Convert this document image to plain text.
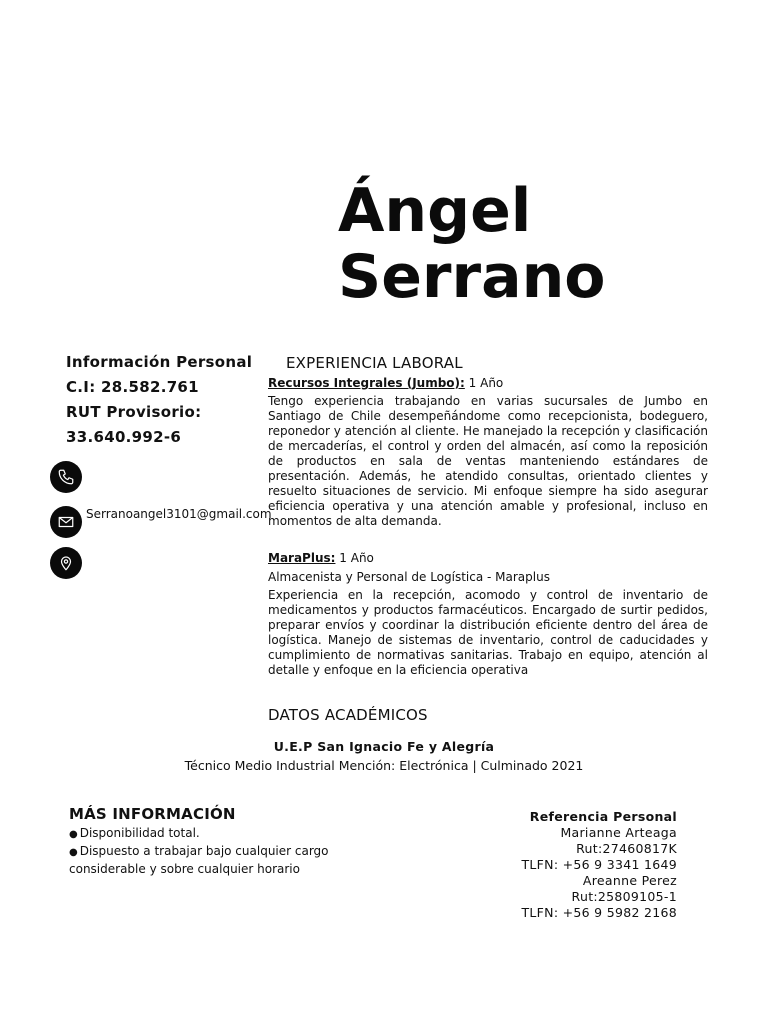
Ángel
Serrano
Información Personal
C.I: 28.582.761
RUT Provisorio:
33.640.992-6
Serranoangel3101@gmail.com
EXPERIENCIA LABORAL
Recursos Integrales (Jumbo): 1 Año
Tengo experiencia trabajando en varias sucursales de Jumbo en Santiago de Chile desempeñándome como recepcionista, bodeguero, reponedor y atención al cliente. He manejado la recepción y clasificación de mercaderías, el control y orden del almacén, así como la reposición de productos en sala de ventas manteniendo estándares de presentación. Además, he atendido consultas, orientado clientes y resuelto situaciones de servicio. Mi enfoque siempre ha sido asegurar eficiencia operativa y una atención amable y profesional, incluso en momentos de alta demanda.
MaraPlus: 1 Año
Almacenista y Personal de Logística - Maraplus
Experiencia en la recepción, acomodo y control de inventario de medicamentos y productos farmacéuticos. Encargado de surtir pedidos, preparar envíos y coordinar la distribución eficiente dentro del área de logística. Manejo de sistemas de inventario, control de caducidades y cumplimiento de normativas sanitarias. Trabajo en equipo, atención al detalle y enfoque en la eficiencia operativa
DATOS ACADÉMICOS
U.E.P San Ignacio Fe y Alegría
Técnico Medio Industrial Mención: Electrónica | Culminado 2021
MÁS INFORMACIÓN
● Disponibilidad total.
● Dispuesto a trabajar bajo cualquier cargo considerable y sobre cualquier horario
Referencia Personal
Marianne Arteaga
Rut:27460817K
TLFN: +56 9 3341 1649
Areanne Perez
Rut:25809105-1
TLFN: +56 9 5982 2168
